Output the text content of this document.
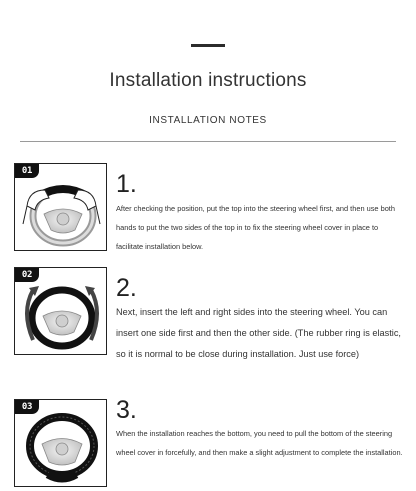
Installation instructions
INSTALLATION NOTES
01	1.
After checking the position, put the top into the steering wheel first, and then use both hands to put the two sides of the top in to fix the steering wheel cover in place to facilitate installation below.
02	2.
Next, insert the left and right sides into the steering wheel. You can insert one side first and then the other side. (The rubber ring is elastic, so it is normal to be close during installation. Just use force)
03	3.
When the installation reaches the bottom, you need to pull the bottom of the steering wheel cover in forcefully, and then make a slight adjustment to complete the installation.
